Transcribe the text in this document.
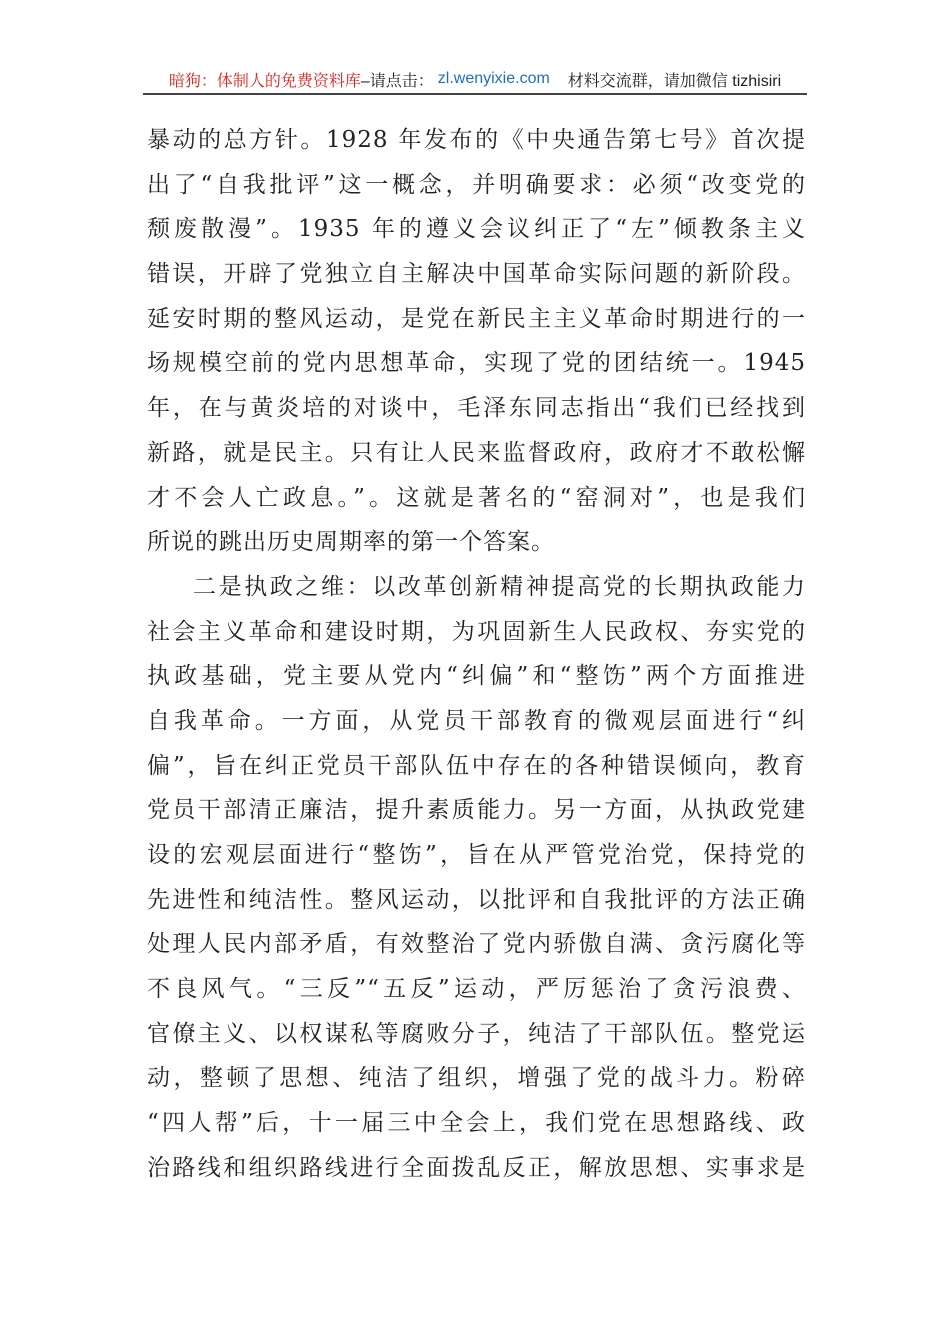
暗狗：体制人的免费资料库 –请点击： zl.wenyixie.com 材料交流群，请加微信 tizhisiri
暴动的总方针。1928 年发布的《中央通告第七号》首次提
出了“自我批评”这一概念，并明确要求：必须“改变党的
颓废散漫”。1935 年的遵义会议纠正了“左”倾教条主义
错误，开辟了党独立自主解决中国革命实际问题的新阶段。
延安时期的整风运动，是党在新民主主义革命时期进行的一
场规模空前的党内思想革命，实现了党的团结统一。1945
年，在与黄炎培的对谈中，毛泽东同志指出“我们已经找到
新路，就是民主。只有让人民来监督政府，政府才不敢松懈
才不会人亡政息。”。这就是著名的“窑洞对”，也是我们
所说的跳出历史周期率的第一个答案。
二是执政之维：以改革创新精神提高党的长期执政能力
社会主义革命和建设时期，为巩固新生人民政权、夯实党的
执政基础，党主要从党内“纠偏”和“整饬”两个方面推进
自我革命。一方面，从党员干部教育的微观层面进行“纠
偏”，旨在纠正党员干部队伍中存在的各种错误倾向，教育
党员干部清正廉洁，提升素质能力。另一方面，从执政党建
设的宏观层面进行“整饬”，旨在从严管党治党，保持党的
先进性和纯洁性。整风运动，以批评和自我批评的方法正确
处理人民内部矛盾，有效整治了党内骄傲自满、贪污腐化等
不良风气。“三反”“五反”运动，严厉惩治了贪污浪费、
官僚主义、以权谋私等腐败分子，纯洁了干部队伍。整党运
动，整顿了思想、纯洁了组织，增强了党的战斗力。粉碎
“四人帮”后，十一届三中全会上，我们党在思想路线、政
治路线和组织路线进行全面拨乱反正，解放思想、实事求是
